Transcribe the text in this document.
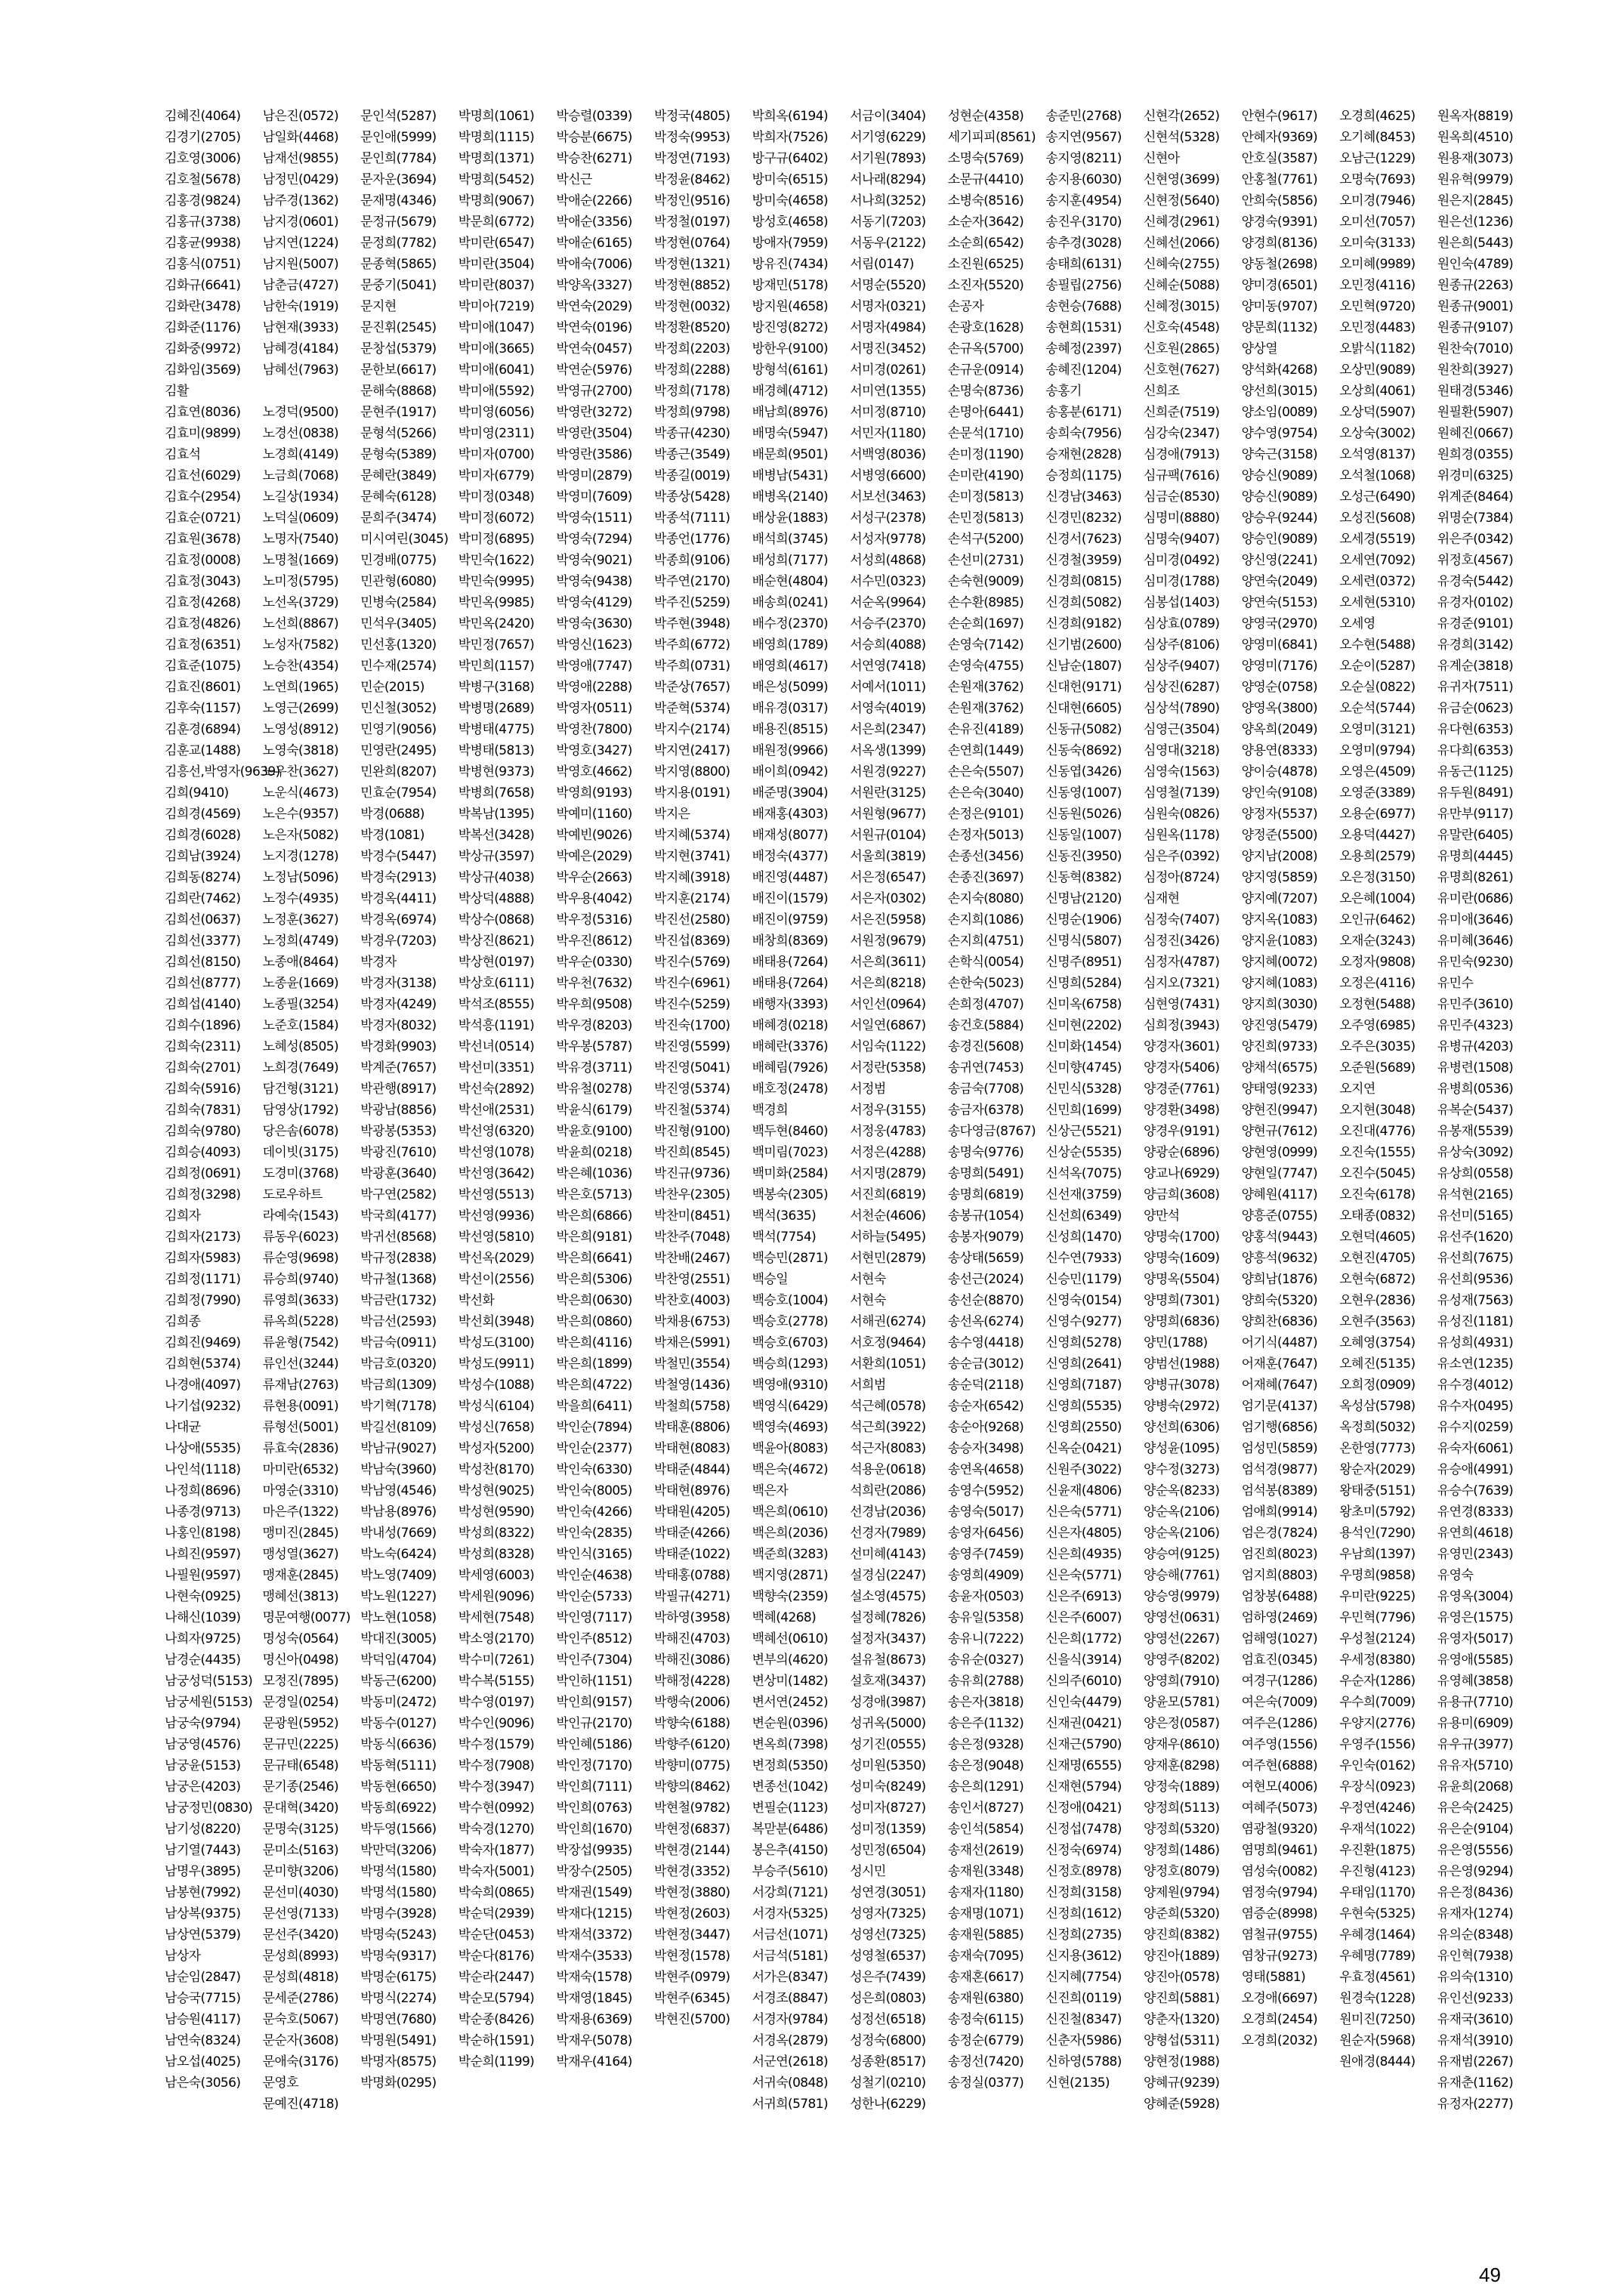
김혜진(4064)
김경기(2705)
김호영(3006)
김호철(5678)
김홍경(9824)
김홍규(3738)
김홍균(9938)
김홍식(0751)
김화규(6641)
김화란(3478)
김화준(1176)
김화중(9972)
김화임(3569)
김활
김효연(8036)
김효미(9899)
김효석
김효선(6029)
김효수(2954)
김효순(0721)
김효원(3678)
김효정(0008)
김효정(3043)
김효정(4268)
김효정(4826)
김효정(6351)
김효준(1075)
김효진(8601)
김후숙(1157)
김훈경(6894)
김훈교(1488)
김흥선,박영자(9639)
김희(9410)
김희경(4569)
김희경(6028)
김희남(3924)
김희동(8274)
김희란(7462)
김희선(0637)
김희선(3377)
김희선(8150)
김희선(8777)
김희섭(4140)
김희수(1896)
김희숙(2311)
김희숙(2701)
김희숙(5916)
김희숙(7831)
김희숙(9780)
김희승(4093)
김희정(0691)
김희정(3298)
김희자
김희자(2173)
김희자(5983)
김희정(1171)
김희정(7990)
김희종
김희진(9469)
김희현(5374)
나경애(4097)
나기섭(9232)
나대균
나상애(5535)
나인석(1118)
나정희(8696)
나종경(9713)
나홍인(8198)
나희진(9597)
나필원(9597)
나현숙(0925)
나해신(1039)
나희자(9725)
남경순(4435)
남궁성덕(5153)
남궁세원(5153)
남궁숙(9794)
남궁영(4576)
남궁윤(5153)
남궁은(4203)
남궁정민(0830)
남기성(8220)
남기열(7443)
남명우(3895)
남봉현(7992)
남상복(9375)
남상연(5379)
남상자
남순임(2847)
남승국(7715)
남승원(4117)
남연숙(8324)
남오섭(4025)
남은숙(3056)
남은진(0572)
남일화(4468)
남재선(9855)
남정민(0429)
남주경(1362)
남지경(0601)
남지연(1224)
남지원(5007)
남춘금(4727)
남한숙(1919)
남현재(3933)
남혜경(4184)
남혜선(7963)
노경덕(9500)
노경선(0838)
노경희(4149)
노금희(7068)
노길상(1934)
노덕실(0609)
노명자(7540)
노명철(1669)
노미정(5795)
노선옥(3729)
노선희(8867)
노성자(7582)
노승찬(4354)
노연희(1965)
노영근(2699)
노영성(8912)
노영숙(3818)
노우찬(3627)
노운식(4673)
노은수(9357)
노은자(5082)
노지경(1278)
노정남(5096)
노정수(4935)
노정훈(3627)
노정희(4749)
노종애(8464)
노종윤(1669)
노종필(3254)
노준호(1584)
노혜성(8505)
노희경(7649)
담건형(3121)
담영상(1792)
당은솜(6078)
데이빗(3175)
도경미(3768)
도로우하트
라예숙(1543)
류동우(6023)
류순영(9698)
류승희(9740)
류영희(3633)
류옥희(5228)
류윤형(7542)
류인선(3244)
류재남(2763)
류현용(0091)
류형선(5001)
류효숙(2836)
마미란(6532)
마영순(3310)
마은주(1322)
맹미진(2845)
맹성열(3627)
맹재훈(2845)
맹혜선(3813)
명문여행(0077)
명성숙(0564)
명신아(0498)
모정진(7895)
문경일(0254)
문광원(5952)
문규민(2225)
문규태(6548)
문기종(2546)
문대혁(3420)
문명숙(3125)
문미소(5163)
문미향(3206)
문선미(4030)
문선영(7133)
문선주(3420)
문성희(8993)
문성희(4818)
문세준(2786)
문숙호(5067)
문순자(3608)
문애숙(3176)
문영호
문예진(4718)
문인석(5287)
문인애(5999)
문인희(7784)
문자운(3694)
문재명(4346)
문정규(5679)
문정희(7782)
문종혁(5865)
문중기(5041)
문지현
문진휘(2545)
문창섭(5379)
문한보(6617)
문해숙(8868)
문현주(1917)
문형석(5266)
문형숙(5389)
문혜란(3849)
문혜숙(6128)
문희주(3474)
미시여린(3045)
민경배(0775)
민관형(6080)
민병숙(2584)
민석우(3405)
민선홍(1320)
민수재(2574)
민순(2015)
민신철(3052)
민영기(9056)
민영란(2495)
민완희(8207)
민효순(7954)
박경(0688)
박경(1081)
박경수(5447)
박경숙(2913)
박경옥(4411)
박경옥(6974)
박경우(7203)
박경자
박경자(3138)
박경자(4249)
박경자(8032)
박경화(9903)
박계준(7657)
박관행(8917)
박광남(8856)
박광봉(5353)
박광진(7610)
박광훈(3640)
박구연(2582)
박국희(4177)
박귀선(8568)
박규정(2838)
박규철(1368)
박금란(1732)
박금선(2593)
박금숙(0911)
박금호(0320)
박금희(1309)
박기혁(7178)
박길선(8109)
박남규(9027)
박남숙(3960)
박남영(4546)
박남용(8976)
박내성(7669)
박노숙(6424)
박노영(7409)
박노원(1227)
박노현(1058)
박대진(3005)
박덕임(4704)
박동근(6200)
박동미(2472)
박동수(0127)
박동식(6636)
박동혁(5111)
박동현(6650)
박동희(6922)
박두영(1566)
박만덕(3206)
박명석(1580)
박명석(1580)
박명수(3928)
박명숙(5243)
박명숙(9317)
박명순(6175)
박명식(2274)
박명연(7680)
박명원(5491)
박명자(8575)
박명화(0295)
박명희(1061)
박명희(1115)
박명희(1371)
박명희(5452)
박명희(9067)
박문희(6772)
박미란(6547)
박미란(3504)
박미란(8037)
박미아(7219)
박미애(1047)
박미애(3665)
박미애(6041)
박미애(5592)
박미영(6056)
박미영(2311)
박미자(0700)
박미자(6779)
박미정(0348)
박미정(6072)
박미정(6895)
박민숙(1622)
박민숙(9995)
박민옥(9985)
박민옥(2420)
박민정(7657)
박민희(1157)
박병구(3168)
박병명(2689)
박병태(4775)
박병태(5813)
박병현(9373)
박병희(7658)
박복남(1395)
박복선(3428)
박상규(3597)
박상규(4038)
박상덕(4888)
박상수(0868)
박상진(8621)
박상현(0197)
박상호(6111)
박석조(8555)
박석흥(1191)
박선녀(0514)
박선미(3351)
박선숙(2892)
박선애(2531)
박선영(6320)
박선영(1078)
박선영(3642)
박선영(5513)
박선영(9936)
박선영(5810)
박선옥(2029)
박선이(2556)
박선화
박선회(3948)
박성도(3100)
박성도(9911)
박성수(1088)
박성식(6104)
박성신(7658)
박성자(5200)
박성찬(8170)
박성현(9025)
박성현(9590)
박성희(8322)
박성희(8328)
박세영(6003)
박세원(9096)
박세현(7548)
박소영(2170)
박수미(7261)
박수복(5155)
박수영(0197)
박수인(9096)
박수정(1579)
박수정(7908)
박수정(3947)
박수현(0992)
박숙경(1270)
박숙자(1877)
박숙자(5001)
박숙희(0865)
박순덕(2939)
박순단(0453)
박순다(8176)
박순라(2447)
박순모(5794)
박순종(8426)
박순하(1591)
박순희(1199)
박승렬(0339)
박승분(6675)
박승찬(6271)
박신근
박애순(2266)
박애순(3356)
박애순(6165)
박애숙(7006)
박양옥(3327)
박연숙(2029)
박연숙(0196)
박연숙(0457)
박연순(5976)
박영규(2700)
박영란(3272)
박영란(3504)
박영란(3586)
박영미(2879)
박영미(7609)
박영숙(1511)
박영숙(7294)
박영숙(9021)
박영숙(9438)
박영숙(4129)
박영숙(3630)
박영신(1623)
박영애(7747)
박영애(2288)
박영자(0511)
박영찬(7800)
박영호(3427)
박영호(4662)
박영희(9193)
박예미(1160)
박예빈(9026)
박예은(2029)
박우순(2663)
박우용(4042)
박우정(5316)
박우진(8612)
박우순(0330)
박우천(7632)
박우희(9508)
박우경(8203)
박우봉(5787)
박유경(3711)
박유철(0278)
박윤식(6179)
박윤호(9100)
박윤희(0218)
박은혜(1036)
박은호(5713)
박은희(6866)
박은희(9181)
박은희(6641)
박은희(5306)
박은희(0630)
박은희(0860)
박은희(4116)
박은희(1899)
박은희(4722)
박을희(6411)
박인순(7894)
박인순(2377)
박인숙(6330)
박인숙(8005)
박인숙(4266)
박인숙(2835)
박인식(3165)
박인순(4638)
박인순(5733)
박인영(7117)
박인주(8512)
박인주(7304)
박인하(1151)
박인희(9157)
박인규(2170)
박인혜(5186)
박인정(7170)
박인희(7111)
박인희(0763)
박인희(1670)
박장섭(9935)
박장수(2505)
박재권(1549)
박재다(1215)
박재석(3372)
박재수(3533)
박재숙(1578)
박재영(1845)
박재용(6369)
박재우(5078)
박재우(4164)
박정국(4805)
박정숙(9953)
박정연(7193)
박정윤(8462)
박정인(9516)
박정철(0197)
박정현(0764)
박정현(1321)
박정현(8852)
박정현(0032)
박정환(8520)
박정희(2203)
박정희(2288)
박정희(7178)
박정희(9798)
박종규(4230)
박종근(3549)
박종길(0019)
박종상(5428)
박종석(7111)
박종언(1776)
박종희(9106)
박주연(2170)
박주진(5259)
박주현(3948)
박주희(6772)
박주희(0731)
박준상(7657)
박준혁(5374)
박지수(2174)
박지연(2417)
박지영(8800)
박지용(0191)
박지은
박지혜(5374)
박지현(3741)
박지혜(3918)
박지훈(2174)
박진선(2580)
박진섭(8369)
박진수(5769)
박진수(6961)
박진수(5259)
박진숙(1700)
박진영(5599)
박진영(5041)
박진영(5374)
박진철(5374)
박진형(9100)
박진희(8545)
박진규(9736)
박찬우(2305)
박찬미(8451)
박찬주(7048)
박찬배(2467)
박찬영(2551)
박찬호(4003)
박채용(6753)
박채은(5991)
박철민(3554)
박철영(1436)
박철희(5758)
박태훈(8806)
박태현(8083)
박태준(4844)
박태현(8976)
박태원(4205)
박태준(4266)
박태준(1022)
박태홍(0788)
박필규(4271)
박하영(3958)
박해진(4703)
박해진(3086)
박해정(4228)
박행숙(2006)
박향숙(6188)
박향주(6120)
박향미(0775)
박향의(8462)
박현철(9782)
박현정(6837)
박현경(2144)
박현경(3352)
박현정(3880)
박현정(2603)
박현정(3447)
박현정(1578)
박현주(0979)
박현주(6345)
박현진(5700)
박희옥(6194)
박희자(7526)
방구규(6402)
방미숙(6515)
방미숙(4658)
방성호(4658)
방애자(7959)
방유진(7434)
방재민(5178)
방지원(4658)
방진영(8272)
방한우(9100)
방형석(6161)
배경혜(4712)
배남희(8976)
배명숙(5947)
배문희(9501)
배병남(5431)
배병옥(2140)
배상윤(1883)
배석희(3745)
배성희(7177)
배순현(4804)
배송희(0241)
배수정(2370)
배영희(1789)
배영희(4617)
배은성(5099)
배유경(0317)
배용진(8515)
배원정(9966)
배이희(0942)
배준명(3904)
배재홍(4303)
배재성(8077)
배정숙(4377)
배진영(4487)
배진이(1579)
배진이(9759)
배창희(8369)
배태용(7264)
배태용(7264)
배행자(3393)
배혜경(0218)
배혜란(3376)
배혜림(7926)
배호정(2478)
백경희
백두현(8460)
백미림(7023)
백미화(2584)
백봉숙(2305)
백석(3635)
백석(7754)
백승민(2871)
백승일
백승호(1004)
백승호(2778)
백승호(6703)
백승희(1293)
백영애(9310)
백영식(6429)
백영숙(4693)
백윤아(8083)
백은숙(4672)
백은자
백은희(0610)
백은희(2036)
백준희(3283)
백지영(2871)
백향숙(2359)
백혜(4268)
백혜선(0610)
변부의(4620)
변상미(1482)
변서연(2452)
변순원(0396)
변옥희(7398)
변정희(5350)
변종선(1042)
변필순(1123)
복맏분(6486)
봉은추(4150)
부승주(5610)
서강희(7121)
서경자(5325)
서금선(1071)
서금석(5181)
서가은(8347)
서경조(8847)
서경자(9784)
서경옥(2879)
서군연(2618)
서귀숙(0848)
서귀희(5781)
서금이(3404)
서기영(6229)
서기원(7893)
서나래(8294)
서나희(3252)
서동기(7203)
서동우(2122)
서림(0147)
서명순(5520)
서명자(0321)
서명자(4984)
서명진(3452)
서미경(0261)
서미연(1355)
서미정(8710)
서민자(1180)
서백영(8036)
서병영(6600)
서보선(3463)
서성구(2378)
서성자(9778)
서성희(4868)
서수민(0323)
서순옥(9964)
서승주(2370)
서승희(4088)
서연영(7418)
서예서(1011)
서영숙(4019)
서은희(2347)
서옥생(1399)
서원경(9227)
서원란(3125)
서원형(9677)
서원규(0104)
서울희(3819)
서은정(6547)
서은자(0302)
서은진(5958)
서원정(9679)
서은희(3611)
서은희(8218)
서인선(0964)
서일연(6867)
서임숙(1122)
서정란(5358)
서정범
서정우(3155)
서정웅(4783)
서정은(4288)
서지명(2879)
서진희(6819)
서천순(4606)
서하늘(5495)
서현민(2879)
서현숙
서현숙
서해권(6274)
서호정(9464)
서환희(1051)
서희범
석근혜(0578)
석근희(3922)
석근자(8083)
석용운(0618)
석희란(2086)
선경남(2036)
선경자(7989)
선미혜(4143)
설경심(2247)
설소영(4575)
설정혜(7826)
설정자(3437)
설유철(8673)
설호재(3437)
성경애(3987)
성귀옥(5000)
성기진(0555)
성미원(5350)
성미숙(8249)
성미자(8727)
성미정(1359)
성민정(6504)
성시민
성연경(3051)
성영자(7325)
성영선(7325)
성영철(6537)
성은주(7439)
성은희(0803)
성정선(6518)
성정숙(6800)
성종환(8517)
성철기(0210)
성한나(6229)
성현순(4358)
세기피피(8561)
소명숙(5769)
소문규(4410)
소병숙(8516)
소순자(3642)
소순희(6542)
소진원(6525)
소진자(5520)
손공자
손광호(1628)
손규옥(5700)
손규운(0914)
손명숙(8736)
손명아(6441)
손문석(1710)
손미정(1190)
손미란(4190)
손미정(5813)
손민정(5813)
손석구(5200)
손선미(2731)
손숙현(9009)
손수환(8985)
손순희(1697)
손영숙(7142)
손영숙(4755)
손원재(3762)
손원재(3762)
손유진(4189)
손연희(1449)
손은숙(5507)
손은숙(3040)
손정은(9101)
손정자(5013)
손종선(3456)
손종진(3697)
손지숙(8080)
손지희(1086)
손지희(4751)
손학식(0054)
손한숙(5023)
손희정(4707)
송건호(5884)
송경진(5608)
송귀연(7453)
송금숙(7708)
송금자(6378)
송다영금(8767)
송명숙(9776)
송명희(5491)
송명희(6819)
송봉규(1054)
송봉자(9079)
송상태(5659)
송선근(2024)
송선순(8870)
송선옥(6274)
송수영(4418)
송순금(3012)
송순덕(2118)
송순자(6542)
송순아(9268)
송승자(3498)
송연옥(4658)
송영수(5952)
송영숙(5017)
송영자(6456)
송영주(7459)
송영희(4909)
송윤자(0503)
송유일(5358)
송유니(7222)
송유순(0327)
송유희(2788)
송은자(3818)
송은주(1132)
송은정(9328)
송은정(9048)
송은희(1291)
송인서(8727)
송인석(5854)
송재선(2619)
송재원(3348)
송재자(1180)
송재명(1071)
송재원(5885)
송재숙(7095)
송재혼(6617)
송재원(6380)
송정숙(6115)
송정순(6779)
송정선(7420)
송정실(0377)
송준민(2768)
송지연(9567)
송지영(8211)
송지용(6030)
송지훈(4954)
송진우(3170)
송추경(3028)
송태희(6131)
송필립(2756)
송현승(7688)
송현희(1531)
송혜정(2397)
송혜진(1204)
송홍기
송홍분(6171)
송희숙(7956)
승재현(2828)
승정희(1175)
신경남(3463)
신경민(8232)
신경서(7623)
신경철(3959)
신경희(0815)
신경희(5082)
신경희(9182)
신기범(2600)
신남순(1807)
신대헌(9171)
신대현(6605)
신동규(5082)
신동숙(8692)
신동엽(3426)
신동영(1007)
신동원(5026)
신동일(1007)
신동진(3950)
신동혁(8382)
신명남(2120)
신명순(1906)
신명식(5807)
신명주(8951)
신명희(5284)
신미옥(6758)
신미현(2202)
신미화(1454)
신미향(4745)
신민식(5328)
신민희(1699)
신상근(5521)
신상순(5535)
신석옥(7075)
신선재(3759)
신선희(6349)
신성희(1470)
신수연(7933)
신승민(1179)
신영숙(0154)
신영수(9277)
신영희(5278)
신영희(2641)
신영희(7187)
신영희(5535)
신영희(2550)
신옥순(0421)
신원주(3022)
신윤재(4806)
신은숙(5771)
신은자(4805)
신은희(4935)
신은숙(5771)
신은주(6913)
신은주(6007)
신은희(1772)
신을식(3914)
신의주(6010)
신인숙(4479)
신재권(0421)
신재근(5790)
신재명(6555)
신재현(5794)
신정애(0421)
신정섭(7478)
신정숙(6974)
신정호(8978)
신정희(3158)
신정희(1612)
신정희(2735)
신지용(3612)
신지혜(7754)
신진희(0119)
신진철(8347)
신춘자(5986)
신하영(5788)
신현(2135)
신현각(2652)
신현석(5328)
신현아
신현영(3699)
신현정(5640)
신혜경(2961)
신혜선(2066)
신혜숙(2755)
신혜순(5088)
신혜정(3015)
신호숙(4548)
신호원(2865)
신호현(7627)
신희조
신희준(7519)
심강숙(2347)
심경애(7913)
심규팩(7616)
심금순(8530)
심명미(8880)
심명숙(9407)
심미경(0492)
심미경(1788)
심봉섭(1403)
심상효(0789)
심상주(8106)
심상주(9407)
심상진(6287)
심상석(7890)
심영근(3504)
심영대(3218)
심영숙(1563)
심영철(7139)
심원숙(0826)
심원옥(1178)
심은주(0392)
심정아(8724)
심재현
심정숙(7407)
심정진(3426)
심정자(4787)
심지오(7321)
심현영(7431)
심희정(3943)
양경자(3601)
양경자(5406)
양경준(7761)
양경환(3498)
양경우(9191)
양광순(6896)
양교나(6929)
양금희(3608)
양만석
양명숙(1700)
양명숙(1609)
양명옥(5504)
양명희(7301)
양명희(6836)
양민(1788)
양범선(1988)
양병규(3078)
양병숙(2972)
양선희(6306)
양성윤(1095)
양수정(3273)
양순옥(8233)
양순옥(2106)
양순옥(2106)
양승여(9125)
양승해(7761)
양승영(9979)
양영선(0631)
양영선(2267)
양영주(8202)
양영희(7910)
양윤모(5781)
양은정(0587)
양재우(8610)
양재훈(8298)
양정숙(1889)
양정희(5113)
양정희(5320)
양정희(1486)
양정호(8079)
양제원(9794)
양준희(5320)
양진희(8382)
양진아(1889)
양진아(0578)
양진희(5881)
양춘자(1320)
양형섭(5311)
양현정(1988)
양혜규(9239)
양혜준(5928)
안현수(9617)
안혜자(9369)
안호실(3587)
안홍철(7761)
안희숙(5856)
양경숙(9391)
양경희(8136)
양동철(2698)
양미경(6501)
양미동(9707)
양문희(1132)
양상열
양석화(4268)
양선희(3015)
양소임(0089)
양수영(9754)
양숙근(3158)
양승신(9089)
양승신(9089)
양승우(9244)
양승인(9089)
양신영(2241)
양연숙(2049)
양연숙(5153)
양영국(2970)
양영미(6841)
양영미(7176)
양영순(0758)
양영옥(3800)
양옥희(2049)
양용연(8333)
양이승(4878)
양인숙(9108)
양정자(5537)
양정준(5500)
양지남(2008)
양지영(5859)
양지예(7207)
양지옥(1083)
양지윤(1083)
양지혜(0072)
양지혜(1083)
양지희(3030)
양진영(5479)
양진희(9733)
양채석(6575)
양태영(9233)
양현진(9947)
양현규(7612)
양현영(0999)
양현일(7747)
양혜원(4117)
양흥준(0755)
양홍석(9443)
양흥석(9632)
양희남(1876)
양희숙(5320)
양희찬(6836)
어기식(4487)
어재훈(7647)
어재혜(7647)
엄기문(4137)
엄기행(6856)
엄성민(5859)
엄석경(9877)
엄석봉(8389)
엄애희(9914)
엄은경(7824)
엄진희(8023)
엄지희(8803)
엄창봉(6488)
엄하영(2469)
엄해영(1027)
엄효진(0345)
여경구(1286)
여은숙(7009)
여주은(1286)
여주영(1556)
여주현(6888)
여현모(4006)
여혜주(5073)
염광철(9320)
염명희(9461)
염성숙(0082)
염정숙(9794)
염증순(8998)
염철규(9755)
염창규(9273)
영태(5881)
오경애(6697)
오경희(2454)
오경희(2032)
오경희(4625)
오기혜(8453)
오남근(1229)
오명숙(7693)
오미경(7946)
오미선(7057)
오미숙(3133)
오미혜(9989)
오민정(4116)
오민혁(9720)
오민정(4483)
오밝식(1182)
오상민(9089)
오상희(4061)
오상덕(5907)
오상숙(3002)
오석영(8137)
오석철(1068)
오성근(6490)
오성진(5608)
오세경(5519)
오세연(7092)
오세련(0372)
오세현(5310)
오세영
오수현(5488)
오순이(5287)
오순실(0822)
오순석(5744)
오영미(3121)
오영미(9794)
오영은(4509)
오영준(3389)
오용순(6977)
오용덕(4427)
오용희(2579)
오은정(3150)
오은혜(1004)
오인규(6462)
오재순(3243)
오정자(9808)
오정은(4116)
오정현(5488)
오주영(6985)
오주은(3035)
오준원(5689)
오지연
오지현(3048)
오진대(4776)
오진숙(1555)
오진수(5045)
오진숙(6178)
오태종(0832)
오현덕(4605)
오현진(4705)
오현숙(6872)
오현우(2836)
오현주(3563)
오혜영(3754)
오혜진(5135)
오희정(0909)
옥성삼(5798)
옥정희(5032)
온한영(7773)
왕순자(2029)
왕태중(5151)
왕초미(5792)
용석인(7290)
우남희(1397)
우명희(9858)
우미란(9225)
우민혁(7796)
우성철(2124)
우세정(8380)
우순자(1286)
우수희(7009)
우양지(2776)
우영주(1556)
우인숙(0162)
우장식(0923)
우정연(4246)
우재석(1022)
우진환(1875)
우진형(4123)
우태임(1170)
우현숙(5325)
우혜경(1464)
우혜명(7789)
우효정(4561)
원경숙(1228)
원미진(7250)
원순자(5968)
원애경(8444)
원옥자(8819)
원옥희(4510)
원용재(3073)
원유혁(9979)
원은지(2845)
원은선(1236)
원은희(5443)
원인숙(4789)
원종규(2263)
원종규(9001)
원종규(9107)
원찬숙(7010)
원찬희(3927)
원태경(5346)
원필환(5907)
원혜진(0667)
원희경(0355)
위경미(6325)
위계준(8464)
위명순(7384)
위은주(0342)
위정호(4567)
유경숙(5442)
유경자(0102)
유경준(9101)
유경희(3142)
유계순(3818)
유귀자(7511)
유금순(0623)
유다현(6353)
유다희(6353)
유동근(1125)
유두원(8491)
유만부(9117)
유말란(6405)
유명희(4445)
유명희(8261)
유미란(0686)
유미애(3646)
유미혜(3646)
유민숙(9230)
유민수
유민주(3610)
유민주(4323)
유병규(4203)
유병련(1508)
유병희(0536)
유복순(5437)
유봉재(5539)
유상숙(3092)
유상희(0558)
유석현(2165)
유선미(5165)
유선주(1620)
유선희(7675)
유선희(9536)
유성재(7563)
유성진(1181)
유성희(4931)
유소연(1235)
유수경(4012)
유수자(0495)
유수지(0259)
유숙자(6061)
유승애(4991)
유승수(7639)
유연경(8333)
유연희(4618)
유영민(2343)
유영숙
유영옥(3004)
유영은(1575)
유영자(5017)
유영애(5585)
유영혜(3858)
유용규(7710)
유용미(6909)
유우규(3977)
유유자(5710)
유윤희(2068)
유은숙(2425)
유은순(9104)
유은영(5556)
유은영(9294)
유은정(8436)
유재자(1274)
유의순(8348)
유인혁(7938)
유의숙(1310)
유인선(9233)
유재국(3610)
유재석(3910)
유재범(2267)
유재춘(1162)
유정자(2277)
49
